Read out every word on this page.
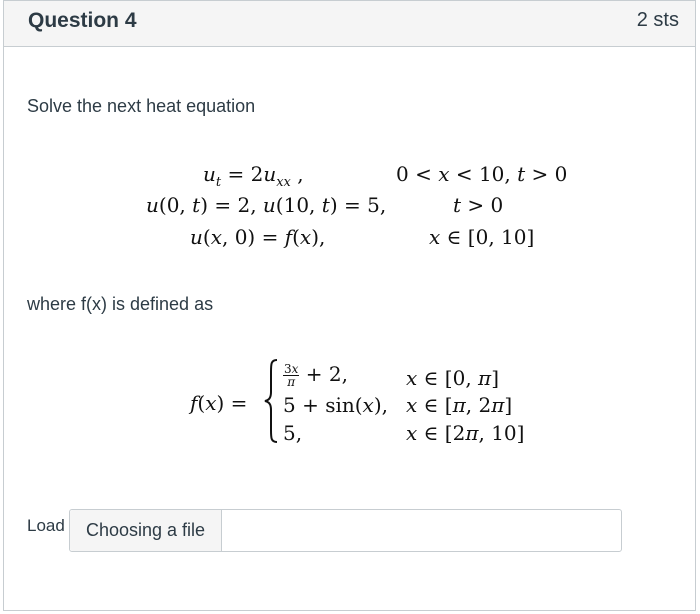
Question 4	2 sts
Solve the next heat equation
$u_t = 2u_{xx}$ ,	0 < x < 10, t > 0
u(0, t) = 2, u(10, t) = 5,	t > 0
u(x, 0) = f(x),	x ∈ [0, 10]
where f(x) is defined as
f(x) =
$\frac{3x}{\pi} + 2$,	x ∈ [0, π]
5 + sin(x), x ∈ [π, 2π]
5,	x ∈ [2π, 10]
Load	Choosing a file
